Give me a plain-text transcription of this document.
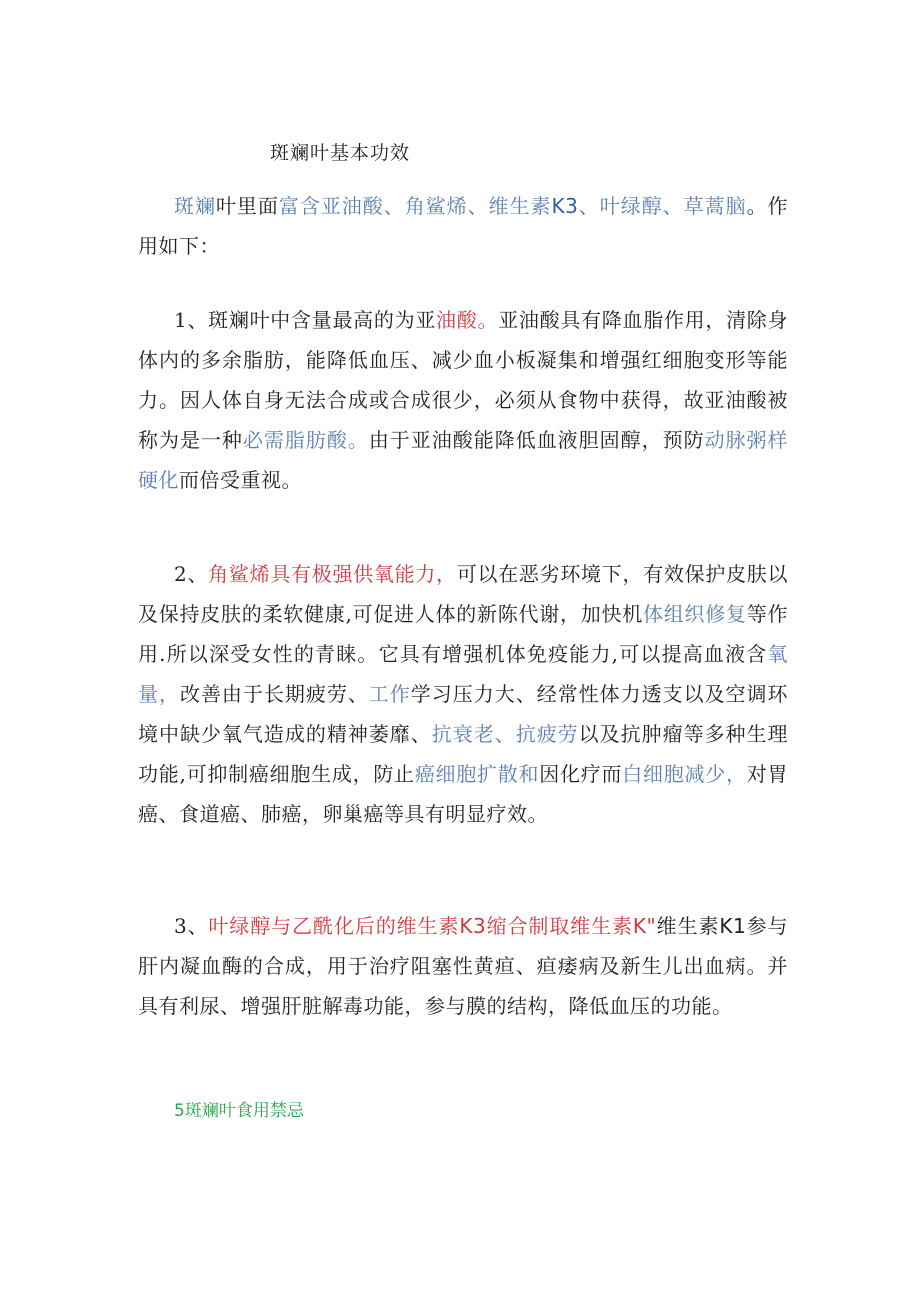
斑斓叶基本功效

斑斓叶里面富含亚油酸、角鲨烯、维生素K3、叶绿醇、草蒿脑。作用如下：

1、斑斓叶中含量最高的为亚油酸。亚油酸具有降血脂作用，清除身体内的多余脂肪，能降低血压、减少血小板凝集和增强红细胞变形等能力。因人体自身无法合成或合成很少，必须从食物中获得，故亚油酸被称为是一种必需脂肪酸。由于亚油酸能降低血液胆固醇，预防动脉粥样硬化而倍受重视。

2、角鲨烯具有极强供氧能力，可以在恶劣环境下，有效保护皮肤以及保持皮肤的柔软健康,可促进人体的新陈代谢，加快机体组织修复等作用.所以深受女性的青睐。它具有增强机体免疫能力,可以提高血液含氧量，改善由于长期疲劳、工作学习压力大、经常性体力透支以及空调环境中缺少氧气造成的精神萎靡、抗衰老、抗疲劳以及抗肿瘤等多种生理功能,可抑制癌细胞生成，防止癌细胞扩散和因化疗而白细胞减少，对胃癌、食道癌、肺癌，卵巢癌等具有明显疗效。

3、叶绿醇与乙酰化后的维生素K3缩合制取维生素K"维生素K1参与肝内凝血酶的合成，用于治疗阻塞性黄疸、疸痿病及新生儿出血病。并具有利尿、增强肝脏解毒功能，参与膜的结构，降低血压的功能。

5斑斓叶食用禁忌
